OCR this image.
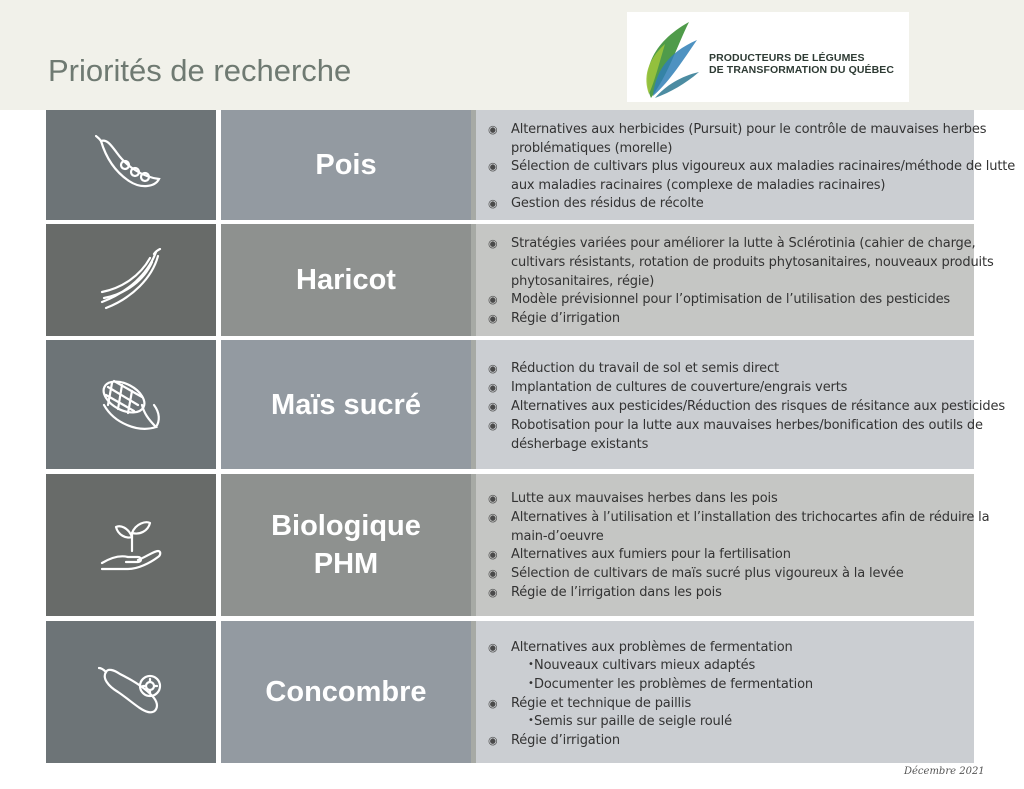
Priorités de recherche	PRODUCTEURS DE LÉGUMES
DE TRANSFORMATION DU QUÉBEC
Pois
◉ Alternatives aux herbicides (Pursuit) pour le contrôle de mauvaises herbes
problématiques (morelle)
◉ Sélection de cultivars plus vigoureux aux maladies racinaires/méthode de lutte
aux maladies racinaires (complexe de maladies racinaires)
◉ Gestion des résidus de récolte
Haricot
◉ Stratégies variées pour améliorer la lutte à Sclérotinia (cahier de charge,
cultivars résistants, rotation de produits phytosanitaires, nouveaux produits
phytosanitaires, régie)
◉ Modèle prévisionnel pour l’optimisation de l’utilisation des pesticides
◉ Régie d’irrigation
Maïs sucré
◉ Réduction du travail de sol et semis direct
◉ Implantation de cultures de couverture/engrais verts
◉ Alternatives aux pesticides/Réduction des risques de résitance aux pesticides
◉ Robotisation pour la lutte aux mauvaises herbes/bonification des outils de
désherbage existants
Biologique
PHM
◉ Lutte aux mauvaises herbes dans les pois
◉ Alternatives à l’utilisation et l’installation des trichocartes afin de réduire la
main-d’oeuvre
◉ Alternatives aux fumiers pour la fertilisation
◉ Sélection de cultivars de maïs sucré plus vigoureux à la levée
◉ Régie de l’irrigation dans les pois
Concombre
◉ Alternatives aux problèmes de fermentation
• Nouveaux cultivars mieux adaptés
• Documenter les problèmes de fermentation
◉ Régie et technique de paillis
• Semis sur paille de seigle roulé
◉ Régie d’irrigation
Décembre 2021
